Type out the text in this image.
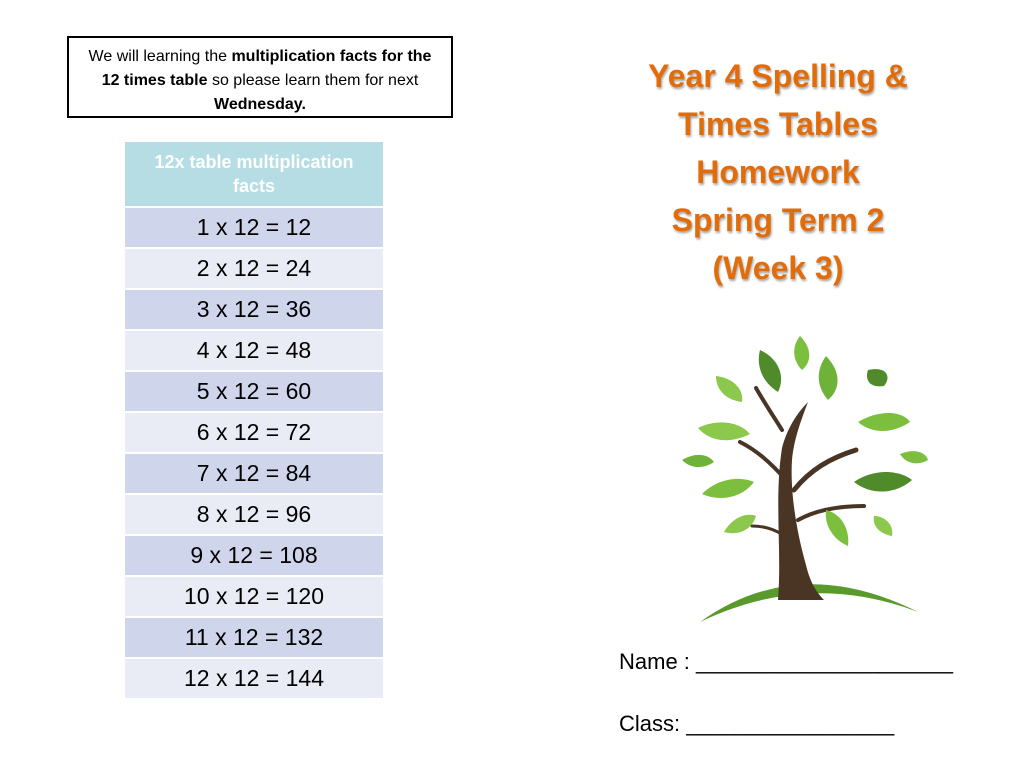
We will learning the multiplication facts for the 12 times table so please learn them for next Wednesday.
12x table multiplication facts
1 x 12 = 12
2 x 12 = 24
3 x 12 = 36
4 x 12 = 48
5 x 12 = 60
6 x 12 = 72
7 x 12 = 84
8 x 12 = 96
9 x 12 = 108
10 x 12 = 120
11 x 12 = 132
12 x 12 = 144
Year 4 Spelling &
Times Tables
Homework
Spring Term 2
(Week 3)
Name : _____________________
Class: _________________
